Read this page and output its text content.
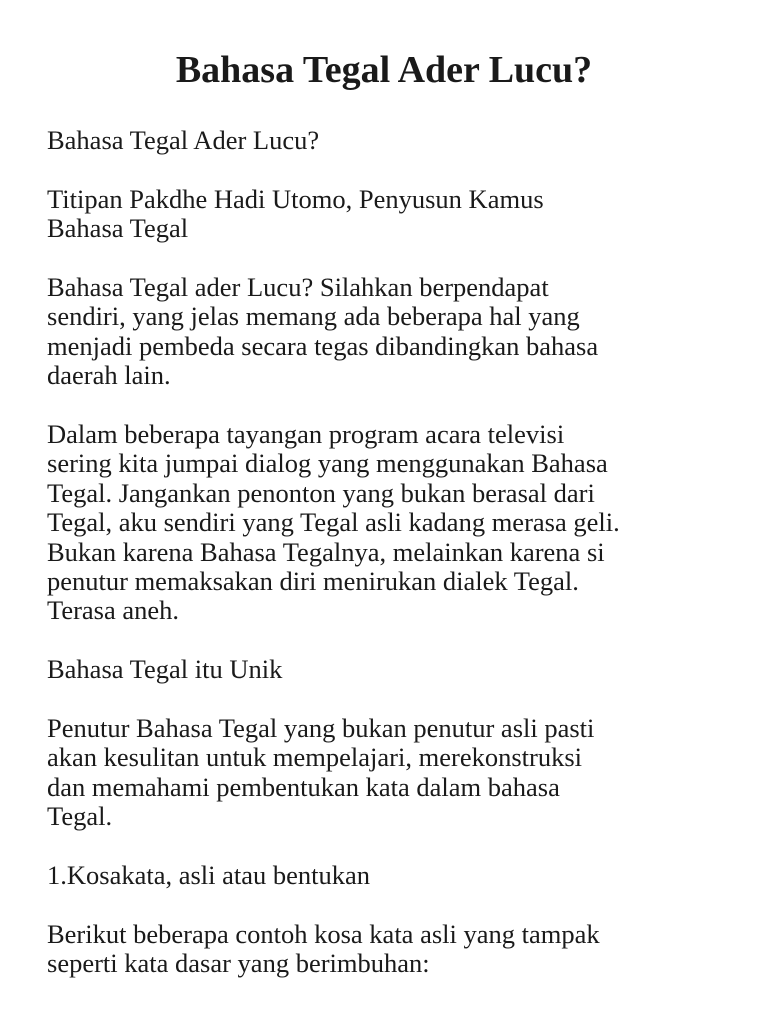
Bahasa Tegal Ader Lucu?

Bahasa Tegal Ader Lucu?

Titipan Pakdhe Hadi Utomo, Penyusun Kamus
Bahasa Tegal

Bahasa Tegal ader Lucu? Silahkan berpendapat
sendiri, yang jelas memang ada beberapa hal yang
menjadi pembeda secara tegas dibandingkan bahasa
daerah lain.

Dalam beberapa tayangan program acara televisi
sering kita jumpai dialog yang menggunakan Bahasa
Tegal. Jangankan penonton yang bukan berasal dari
Tegal, aku sendiri yang Tegal asli kadang merasa geli.
Bukan karena Bahasa Tegalnya, melainkan karena si
penutur memaksakan diri menirukan dialek Tegal.
Terasa aneh.

Bahasa Tegal itu Unik

Penutur Bahasa Tegal yang bukan penutur asli pasti
akan kesulitan untuk mempelajari, merekonstruksi
dan memahami pembentukan kata dalam bahasa
Tegal.

1.Kosakata, asli atau bentukan

Berikut beberapa contoh kosa kata asli yang tampak
seperti kata dasar yang berimbuhan:
